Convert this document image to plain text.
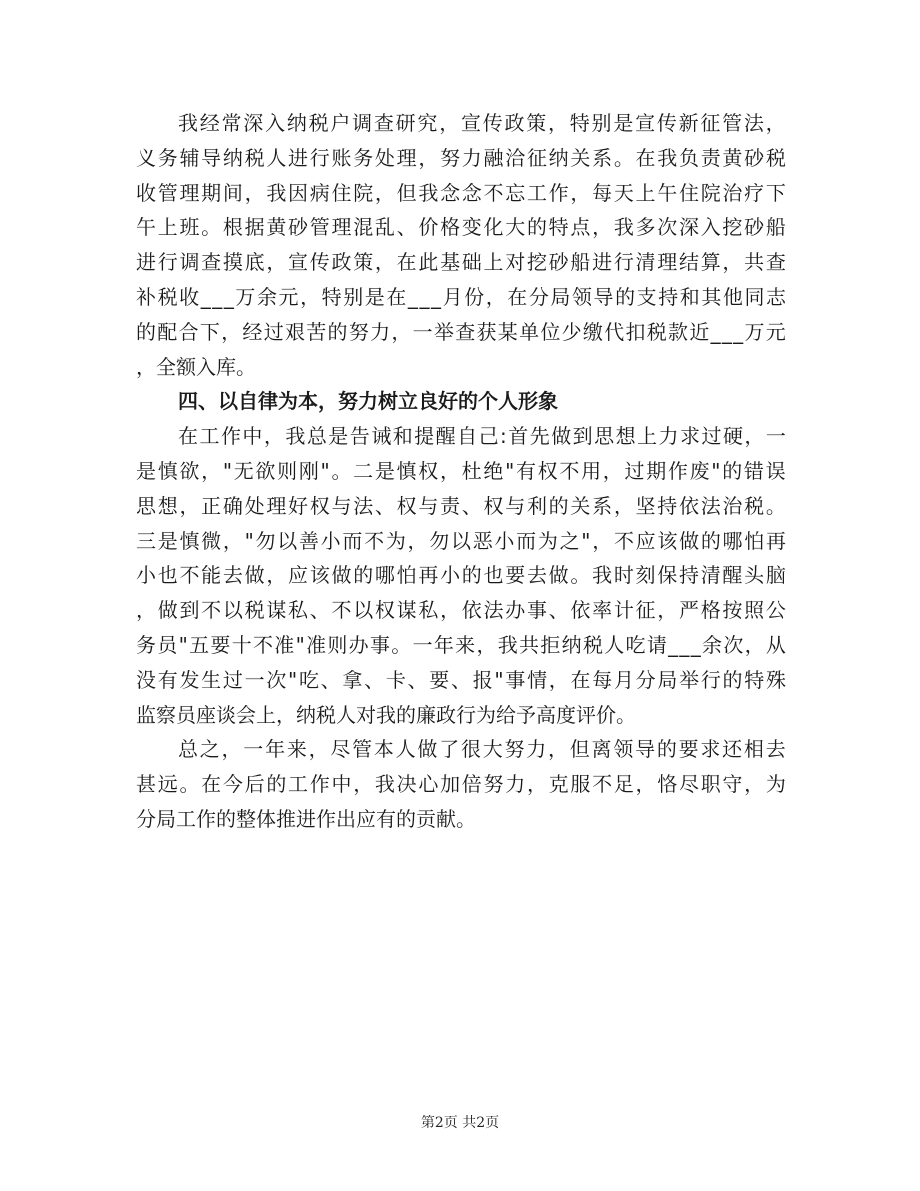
我 经 常 深 入 纳 税 户 调 查 研 究 ， 宣 传 政 策 ， 特 别 是 宣 传 新 征 管 法 ，
义 务 辅 导 纳 税 人 进 行 账 务 处 理 ， 努 力 融 洽 征 纳 关 系 。 在 我 负 责 黄 砂 税
收 管 理 期 间 ， 我 因 病 住 院 ， 但 我 念 念 不 忘 工 作 ， 每 天 上 午 住 院 治 疗 下
午 上 班 。 根 据 黄 砂 管 理 混 乱 、 价 格 变 化 大 的 特 点 ， 我 多 次 深 入 挖 砂 船
进 行 调 查 摸 底 ， 宣 传 政 策 ， 在 此 基 础 上 对 挖 砂 船 进 行 清 理 结 算 ， 共 查
补 税 收 _ _ _ 万 余 元 ， 特 别 是 在 _ _ _ 月 份 ， 在 分 局 领 导 的 支 持 和 其 他 同 志
的 配 合 下 ， 经 过 艰 苦 的 努 力 ， 一 举 查 获 某 单 位 少 缴 代 扣 税 款 近 _ _ _ 万 元
，全额入库。
四、以自律为本，努力树立良好的个人形象
在 工 作 中 ， 我 总 是 告 诫 和 提 醒 自 己 : 首 先 做 到 思 想 上 力 求 过 硬 ， 一
是 慎 欲 ， " 无 欲 则 刚 " 。 二 是 慎 权 ， 杜 绝 " 有 权 不 用 ， 过 期 作 废 " 的 错 误
思 想 ， 正 确 处 理 好 权 与 法 、 权 与 责 、 权 与 利 的 关 系 ， 坚 持 依 法 治 税 。
三 是 慎 微 ， " 勿 以 善 小 而 不 为 ， 勿 以 恶 小 而 为 之 " ， 不 应 该 做 的 哪 怕 再
小 也 不 能 去 做 ， 应 该 做 的 哪 怕 再 小 的 也 要 去 做 。 我 时 刻 保 持 清 醒 头 脑
， 做 到 不 以 税 谋 私 、 不 以 权 谋 私 ， 依 法 办 事 、 依 率 计 征 ， 严 格 按 照 公
务 员 " 五 要 十 不 准 " 准 则 办 事 。 一 年 来 ， 我 共 拒 纳 税 人 吃 请 _ _ _ 余 次 ， 从
没 有 发 生 过 一 次 " 吃 、 拿 、 卡 、 要 、 报 " 事 情 ， 在 每 月 分 局 举 行 的 特 殊
监察员座谈会上，纳税人对我的廉政行为给予高度评价。
总 之 ， 一 年 来 ， 尽 管 本 人 做 了 很 大 努 力 ， 但 离 领 导 的 要 求 还 相 去
甚 远 。 在 今 后 的 工 作 中 ， 我 决 心 加 倍 努 力 ， 克 服 不 足 ， 恪 尽 职 守 ， 为
分局工作的整体推进作出应有的贡献。
第2页 共2页
